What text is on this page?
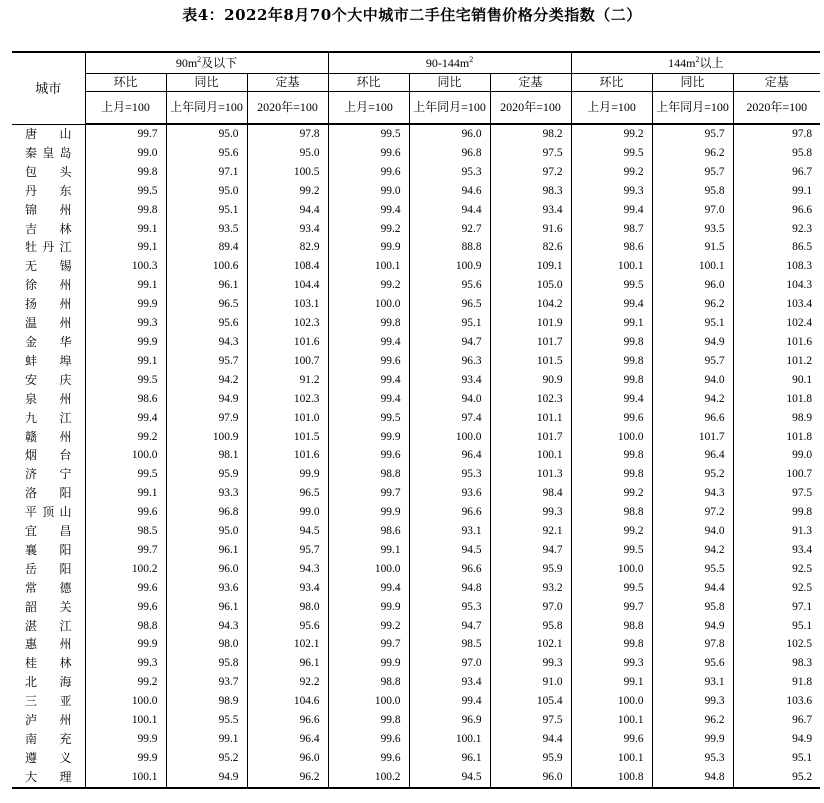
表4：2022年8月70个大中城市二手住宅销售价格分类指数（二）
城市	$90m^2$及以下			$90-144m^2$			$144m^2$以上		
	环比	同比	定基	环比	同比	定基	环比	同比	定基
	上月=100	上年同月=100	2020年=100	上月=100	上年同月=100	2020年=100	上月=100	上年同月=100	2020年=100
唐山	99.7	95.0	97.8	99.5	96.0	98.2	99.2	95.7	97.8
秦皇岛	99.0	95.6	95.0	99.6	96.8	97.5	99.5	96.2	95.8
包头	99.8	97.1	100.5	99.6	95.3	97.2	99.2	95.7	96.7
丹东	99.5	95.0	99.2	99.0	94.6	98.3	99.3	95.8	99.1
锦州	99.8	95.1	94.4	99.4	94.4	93.4	99.4	97.0	96.6
吉林	99.1	93.5	93.4	99.2	92.7	91.6	98.7	93.5	92.3
牡丹江	99.1	89.4	82.9	99.9	88.8	82.6	98.6	91.5	86.5
无锡	100.3	100.6	108.4	100.1	100.9	109.1	100.1	100.1	108.3
徐州	99.1	96.1	104.4	99.2	95.6	105.0	99.5	96.0	104.3
扬州	99.9	96.5	103.1	100.0	96.5	104.2	99.4	96.2	103.4
温州	99.3	95.6	102.3	99.8	95.1	101.9	99.1	95.1	102.4
金华	99.9	94.3	101.6	99.4	94.7	101.7	99.8	94.9	101.6
蚌埠	99.1	95.7	100.7	99.6	96.3	101.5	99.8	95.7	101.2
安庆	99.5	94.2	91.2	99.4	93.4	90.9	99.8	94.0	90.1
泉州	98.6	94.9	102.3	99.4	94.0	102.3	99.4	94.2	101.8
九江	99.4	97.9	101.0	99.5	97.4	101.1	99.6	96.6	98.9
赣州	99.2	100.9	101.5	99.9	100.0	101.7	100.0	101.7	101.8
烟台	100.0	98.1	101.6	99.6	96.4	100.1	99.8	96.4	99.0
济宁	99.5	95.9	99.9	98.8	95.3	101.3	99.8	95.2	100.7
洛阳	99.1	93.3	96.5	99.7	93.6	98.4	99.2	94.3	97.5
平顶山	99.6	96.8	99.0	99.9	96.6	99.3	98.8	97.2	99.8
宜昌	98.5	95.0	94.5	98.6	93.1	92.1	99.2	94.0	91.3
襄阳	99.7	96.1	95.7	99.1	94.5	94.7	99.5	94.2	93.4
岳阳	100.2	96.0	94.3	100.0	96.6	95.9	100.0	95.5	92.5
常德	99.6	93.6	93.4	99.4	94.8	93.2	99.5	94.4	92.5
韶关	99.6	96.1	98.0	99.9	95.3	97.0	99.7	95.8	97.1
湛江	98.8	94.3	95.6	99.2	94.7	95.8	98.8	94.9	95.1
惠州	99.9	98.0	102.1	99.7	98.5	102.1	99.8	97.8	102.5
桂林	99.3	95.8	96.1	99.9	97.0	99.3	99.3	95.6	98.3
北海	99.2	93.7	92.2	98.8	93.4	91.0	99.1	93.1	91.8
三亚	100.0	98.9	104.6	100.0	99.4	105.4	100.0	99.3	103.6
泸州	100.1	95.5	96.6	99.8	96.9	97.5	100.1	96.2	96.7
南充	99.9	99.1	96.4	99.6	100.1	94.4	99.6	99.9	94.9
遵义	99.9	95.2	96.0	99.6	96.1	95.9	100.1	95.3	95.1
大理	100.1	94.9	96.2	100.2	94.5	96.0	100.8	94.8	95.2
